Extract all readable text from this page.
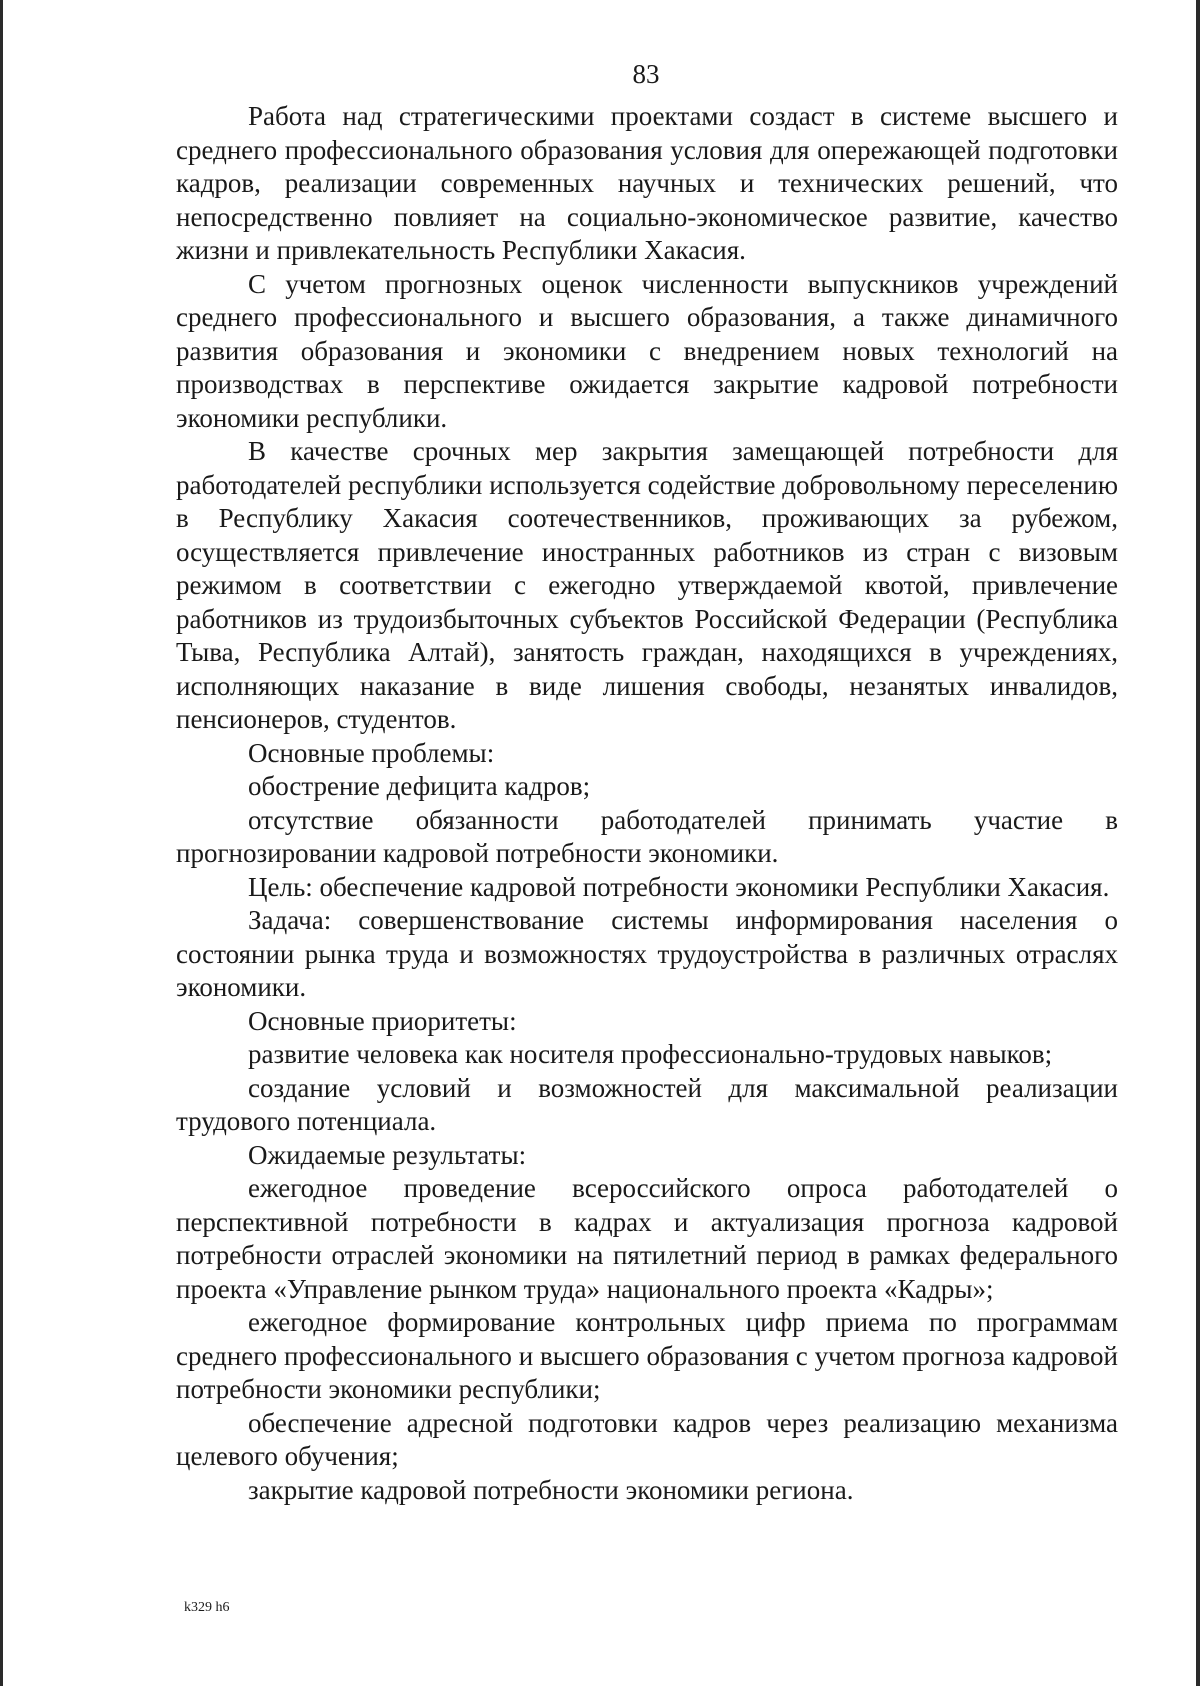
83

Работа над стратегическими проектами создаст в системе высшего и среднего профессионального образования условия для опережающей подготовки кадров, реализации современных научных и технических решений, что непосредственно повлияет на социально-экономическое развитие, качество жизни и привлекательность Республики Хакасия.

С учетом прогнозных оценок численности выпускников учреждений среднего профессионального и высшего образования, а также динамичного развития образования и экономики с внедрением новых технологий на производствах в перспективе ожидается закрытие кадровой потребности экономики республики.

В качестве срочных мер закрытия замещающей потребности для работодателей республики используется содействие добровольному переселению в Республику Хакасия соотечественников, проживающих за рубежом, осуществляется привлечение иностранных работников из стран с визовым режимом в соответствии с ежегодно утверждаемой квотой, привлечение работников из трудоизбыточных субъектов Российской Федерации (Республика Тыва, Республика Алтай), занятость граждан, находящихся в учреждениях, исполняющих наказание в виде лишения свободы, незанятых инвалидов, пенсионеров, студентов.

Основные проблемы:

обострение дефицита кадров;

отсутствие обязанности работодателей принимать участие в прогнозировании кадровой потребности экономики.

Цель: обеспечение кадровой потребности экономики Республики Хакасия.

Задача: совершенствование системы информирования населения о состоянии рынка труда и возможностях трудоустройства в различных отраслях экономики.

Основные приоритеты:

развитие человека как носителя профессионально-трудовых навыков;

создание условий и возможностей для максимальной реализации трудового потенциала.

Ожидаемые результаты:

ежегодное проведение всероссийского опроса работодателей о перспективной потребности в кадрах и актуализация прогноза кадровой потребности отраслей экономики на пятилетний период в рамках федерального проекта «Управление рынком труда» национального проекта «Кадры»;

ежегодное формирование контрольных цифр приема по программам среднего профессионального и высшего образования с учетом прогноза кадровой потребности экономики республики;

обеспечение адресной подготовки кадров через реализацию механизма целевого обучения;

закрытие кадровой потребности экономики региона.

k329 h6
